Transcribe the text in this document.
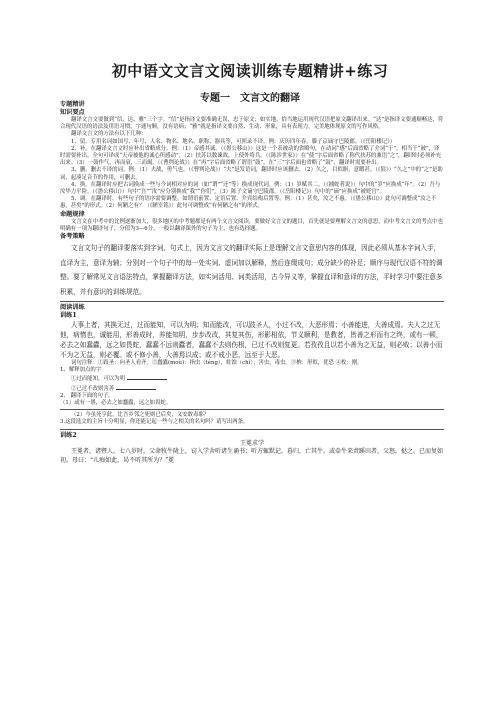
初中语文文言文阅读训练专题精讲+练习
专题一　文言文的翻译

专题精讲

知识要点

翻译文言文要做到“信、达、雅”三个字。“信”是指译文要准确无误，忠于原文；如实地、恰当地运用现代汉语把原文翻译出来。“达”是指译文要通顺畅达，符合现代汉语的语法及用语习惯，字通句顺，没有语病；“雅”就是指译文要自然、生动、形象，具有表现力，完美地体现原文的写作风格。

翻译文言文的方法有以下几种：

1、留。专用名词如国号、年号、人名、物名、地名、职称、器具等，可照录不译。例：庆历四年春，滕子京谪守巴陵郡。（《岳阳楼记》）

2、补。在翻译文言文时应补出省略成分。例：（1）帝感其诚。（《愚公移山》）这是一个表被动的省略句，在动词“感”后面省略了介词“于”，相当于“被”，译时需要补出。全句可译成“天帝被他的诚心所感动”。（2）扶苏以数谏故，上使外将兵。（《陈涉世家》）在“使”字后面省略了称代扶苏的兼语“之”，翻译时必须补充出来。（3）一鼓作气，再而衰，三而竭。（《曹刿论战》）在“再”字后面省略了谓语“鼓”，在“三”字后面也省略了“鼓”，翻译时需要补出。

3、删。删去不译的词。例：（1）夫战，勇气也。（《曹刿论战》）“夫”是发语词，翻译时应该删去。（2）久之，目似瞑，意暇甚。（《狼》）“久之”中的“之”是助词，起凑足音节的作用，可删去。

4、换。在翻译时应把古词换成一些与今词相对应的词（如“谓”“还”等）换成现代词。例：（1）岁赋其二。（《捕蛇者说》）句中的“岁”应换成“年”。（2）吾与汝毕力平险。（《愚公移山》）句中“吾”“汝”应分别换成“我”“你们”。（3）陈子文谪守巴陵郡。（《岳阳楼记》）句中的“谪”应换成“被贬官”。

5、调。在翻译时，有些句子的语序需要调整。如谓语前置、定语后置、介宾结构后置等。例：（1）甚矣，汝之不惠。（《愚公移山》）此句可调整成“汝之不惠，甚矣”的形式。（2）何陋之有？（《陋室铭》）此句可调整成“有何陋之有”的形式。

命题规律

文言文在中考中的比例逐渐加大，很多地区的中考题都是有两个文言文阅读，要做好文言文的题目，首先就是要理解文言文的意思，而中考文言文的考点中也明确有一项为翻译句子，分值为3—6分，一般以翻译课外的句子为主，也有选择题。

备考策略

文言文句子的翻译要落实到字词、句式上，因为文言文的翻译实际上是理解文言文意思内容的体现，因此必须从基本字词入手，直译为主，意译为辅；分别对一个句子中的每一处实词、虚词加以解释，然后连缀成句；成分缺少的补足；顺序与现代汉语不符的调整。要了解常见文言语法特点，掌握翻译方法，如实词活用、词类活用，古今异义等，掌握直译和意译的方法，平时学习中要注意多积累，并有意识的训练规范。

阅读训练

训练1

人事上者，其换无过，过而能知，可以为明；知而能改，可以跂圣人，小过不改，大恶形焉；小善能进，大善成焉。夫人之过无他，病惰也，诚能用，形善成时，养能知明，步步改改，其复其伤，形影相依，节义顺利，是教者，皆善之形而有之终，或有一顿，必去之如蠢蠹，远之如畏蛇，蠢蠢不远则蠹者，蠢蠢不去则伤根，已过不改则复更。若孜孜且以若小善为之无益，则必败；以善小而不为之无益，则必覆。或不修小善，大善焉以成；或不戒小恶，远至于大恶。

词句注释：①跂圣：向圣人看齐。②蠢蠹(moù)：指虫（téng），蛀蚀（chǐ）；害虫，毒虫。③枘：形似，优恐 ④枚：刚。

1、解释加点的字

①过而能知，可以为明

②己过不改则害善

2、 翻译下面的句子。

（1）或有一愚，必去之如蠢蠹，远之如畏蛇。

（2）今虽死亨此，比吾乡邻之死则已后矣，又安敢毒耶？

3.这段选文的主旨十分明显，你还能记起一些与之相关的名句吗？请写出两条。

训练2

王冕求学

王冕者，诸暨人。七八岁时，父命牧牛陇上，窃入学舍听诸生诵书；听方辄默记。暮归，亡其牛。或牵牛来责蹊田者，父怒，挞之。已而复如初。母曰：“儿痴如此，曷不听其所为？”冕
